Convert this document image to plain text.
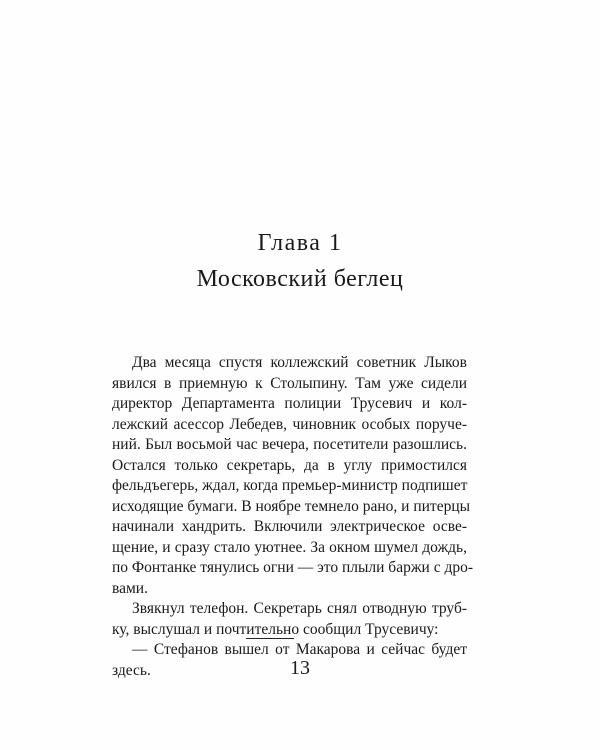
Глава 1
Московский беглец
Два месяца спустя коллежский советник Лыков
явился в приемную к Столыпину. Там уже сидели
директор Департамента полиции Трусевич и кол-
лежский асессор Лебедев, чиновник особых поруче-
ний. Был восьмой час вечера, посетители разошлись.
Остался только секретарь, да в углу примостился
фельдъегерь, ждал, когда премьер-министр подпишет
исходящие бумаги. В ноябре темнело рано, и питерцы
начинали хандрить. Включили электрическое осве-
щение, и сразу стало уютнее. За окном шумел дождь,
по Фонтанке тянулись огни — это плыли баржи с дро-
вами.
Звякнул телефон. Секретарь снял отводную труб-
ку, выслушал и почтительно сообщил Трусевичу:
— Стефанов вышел от Макарова и сейчас будет
здесь.	13
